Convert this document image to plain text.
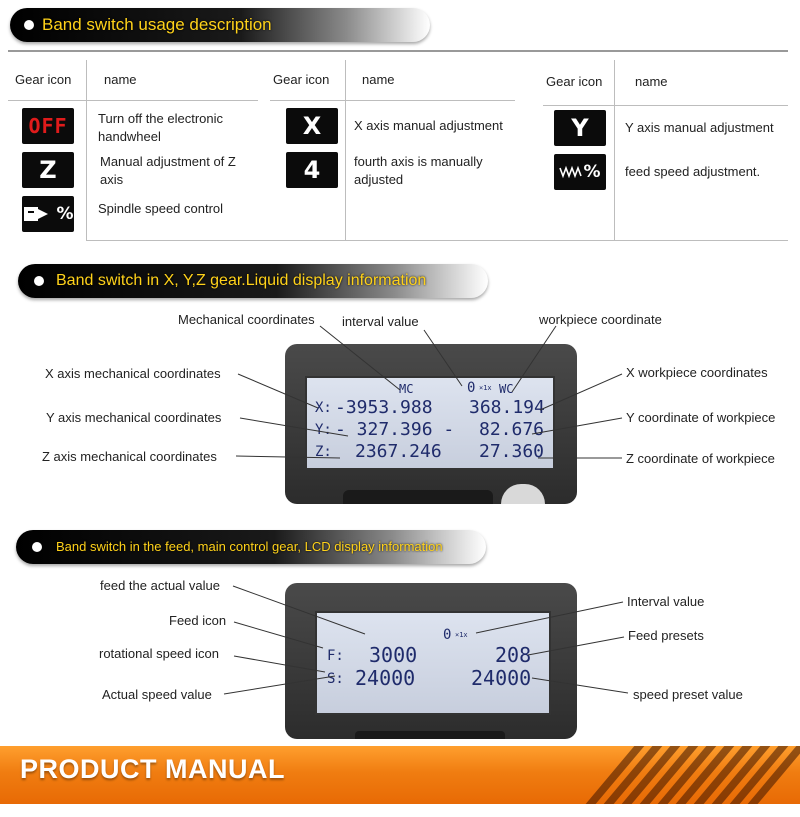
Band switch usage description
Gear icon	name	Gear icon	name	Gear icon	name
OFF Turn off the electronic handwheel
Z	Manual adjustment of Z axis
% Spindle speed control
X	X axis manual adjustment
4	fourth axis is manually adjusted
Y	Y axis manual adjustment
% feed speed adjustment.
Band switch in X, Y,Z gear.Liquid display information
MC	0 ×1x WC
X: -3953.988 368.194
Y: - 327.396 - 82.676
Z: 2367.246 27.360
Mechanical coordinates interval value	workpiece coordinate
X axis mechanical coordinates
Y axis mechanical coordinates
Z axis mechanical coordinates
X workpiece coordinates
Y coordinate of workpiece
Z coordinate of workpiece
Band switch in the feed, main control gear, LCD display information
0 ×1x
F: 3000	208
S: 24000	24000
feed the actual value
Feed icon
rotational speed icon
Actual speed value
Interval value
Feed presets
speed preset value
PRODUCT MANUAL
